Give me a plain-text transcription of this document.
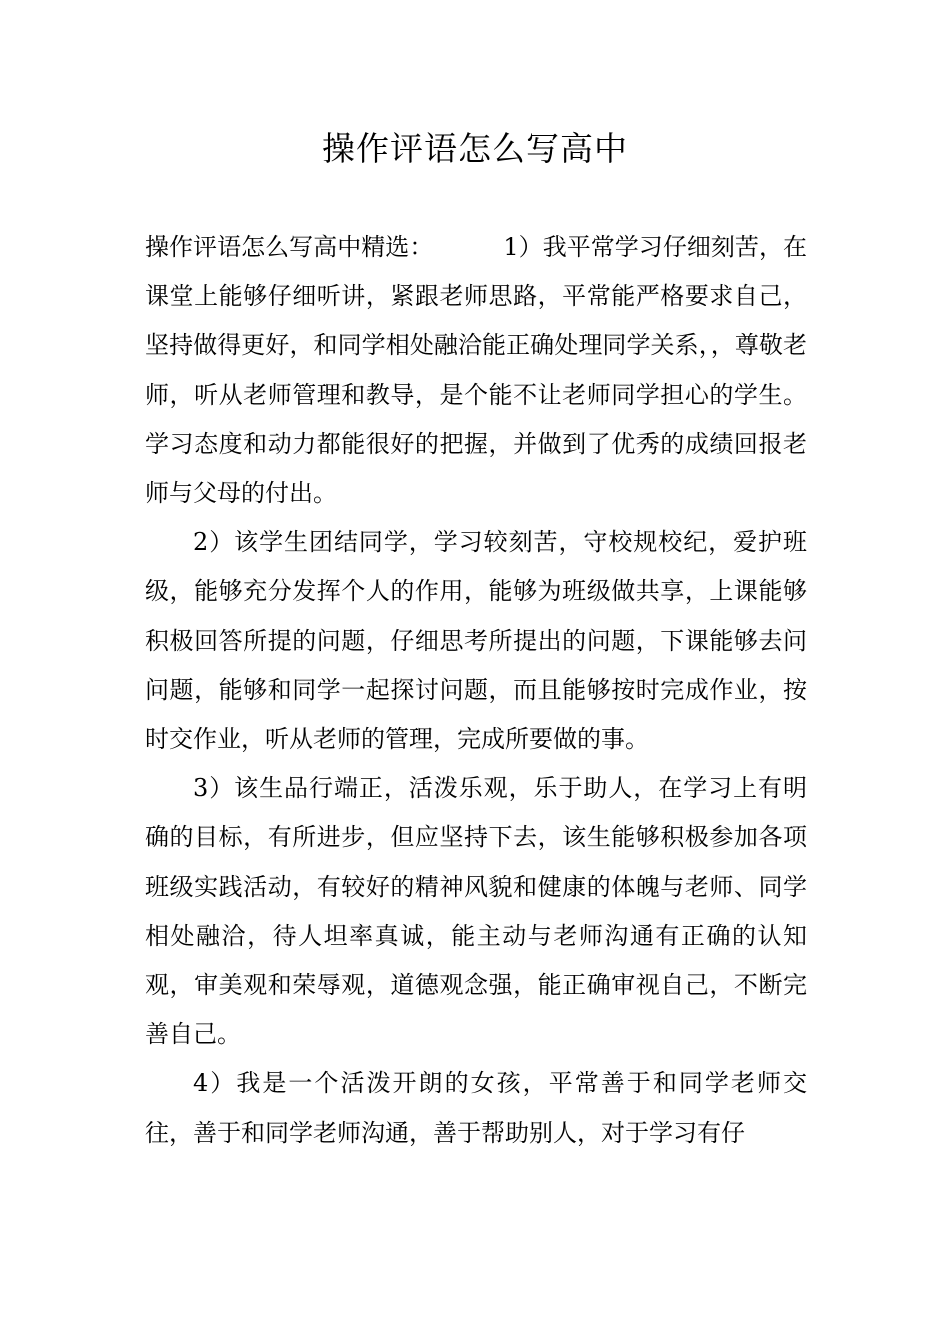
操作评语怎么写高中

操作评语怎么写高中精选：	1）我平常学习仔细刻苦，在课堂上能够仔细听讲，紧跟老师思路，平常能严格要求自己，坚持做得更好，和同学相处融洽能正确处理同学关系，，尊敬老师，听从老师管理和教导，是个能不让老师同学担心的学生。学习态度和动力都能很好的把握，并做到了优秀的成绩回报老师与父母的付出。

2）该学生团结同学，学习较刻苦，守校规校纪，爱护班级，能够充分发挥个人的作用，能够为班级做共享，上课能够积极回答所提的问题，仔细思考所提出的问题，下课能够去问问题，能够和同学一起探讨问题，而且能够按时完成作业，按时交作业，听从老师的管理，完成所要做的事。

3）该生品行端正，活泼乐观，乐于助人，在学习上有明确的目标，有所进步，但应坚持下去，该生能够积极参加各项班级实践活动，有较好的精神风貌和健康的体魄与老师、同学相处融洽，待人坦率真诚，能主动与老师沟通有正确的认知观，审美观和荣辱观，道德观念强，能正确审视自己，不断完善自己。

4）我是一个活泼开朗的女孩，平常善于和同学老师交往，善于和同学老师沟通，善于帮助别人，对于学习有仔
